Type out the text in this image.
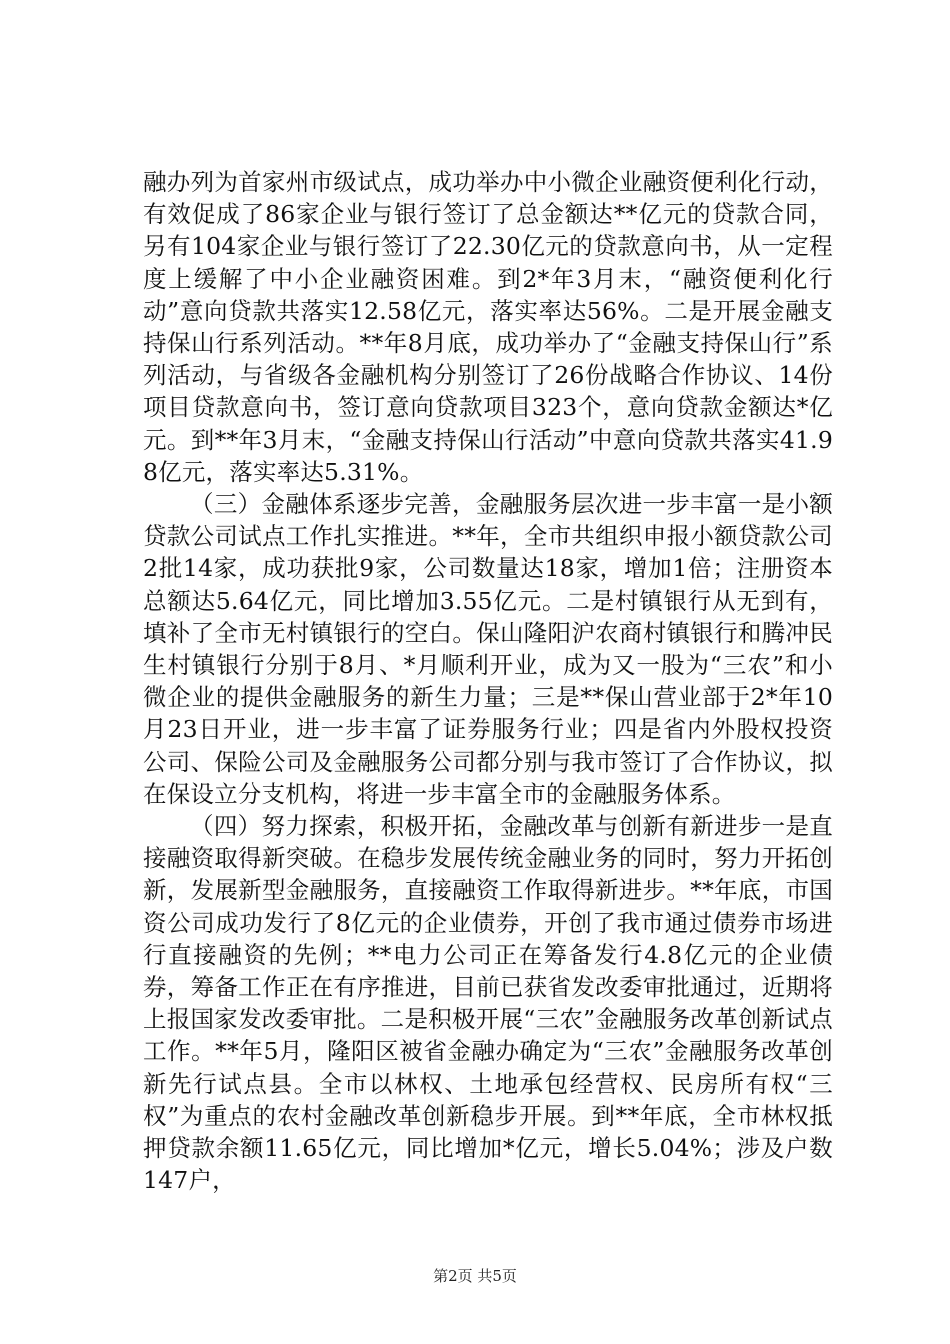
融办列为首家州市级试点，成功举办中小微企业融资便利化行动，有效促成了86家企业与银行签订了总金额达**亿元的贷款合同，另有104家企业与银行签订了22.30亿元的贷款意向书，从一定程度上缓解了中小企业融资困难。到2*年3月末，“融资便利化行动”意向贷款共落实12.58亿元，落实率达56%。二是开展金融支持保山行系列活动。**年8月底，成功举办了“金融支持保山行”系列活动，与省级各金融机构分别签订了26份战略合作协议、14份项目贷款意向书，签订意向贷款项目323个，意向贷款金额达*亿元。到**年3月末，“金融支持保山行活动”中意向贷款共落实41.98亿元，落实率达5.31%。

（三）金融体系逐步完善，金融服务层次进一步丰富一是小额贷款公司试点工作扎实推进。**年，全市共组织申报小额贷款公司2批14家，成功获批9家，公司数量达18家，增加1倍；注册资本总额达5.64亿元，同比增加3.55亿元。二是村镇银行从无到有，填补了全市无村镇银行的空白。保山隆阳沪农商村镇银行和腾冲民生村镇银行分别于8月、*月顺利开业，成为又一股为“三农”和小微企业的提供金融服务的新生力量；三是**保山营业部于2*年10月23日开业，进一步丰富了证券服务行业；四是省内外股权投资公司、保险公司及金融服务公司都分别与我市签订了合作协议，拟在保设立分支机构，将进一步丰富全市的金融服务体系。

（四）努力探索，积极开拓，金融改革与创新有新进步一是直接融资取得新突破。在稳步发展传统金融业务的同时，努力开拓创新，发展新型金融服务，直接融资工作取得新进步。**年底，市国资公司成功发行了8亿元的企业债券，开创了我市通过债券市场进行直接融资的先例；**电力公司正在筹备发行4.8亿元的企业债券，筹备工作正在有序推进，目前已获省发改委审批通过，近期将上报国家发改委审批。二是积极开展“三农”金融服务改革创新试点工作。**年5月，隆阳区被省金融办确定为“三农”金融服务改革创新先行试点县。全市以林权、土地承包经营权、民房所有权“三权”为重点的农村金融改革创新稳步开展。到**年底，全市林权抵押贷款余额11.65亿元，同比增加*亿元，增长5.04%；涉及户数147户，

第2页 共5页
